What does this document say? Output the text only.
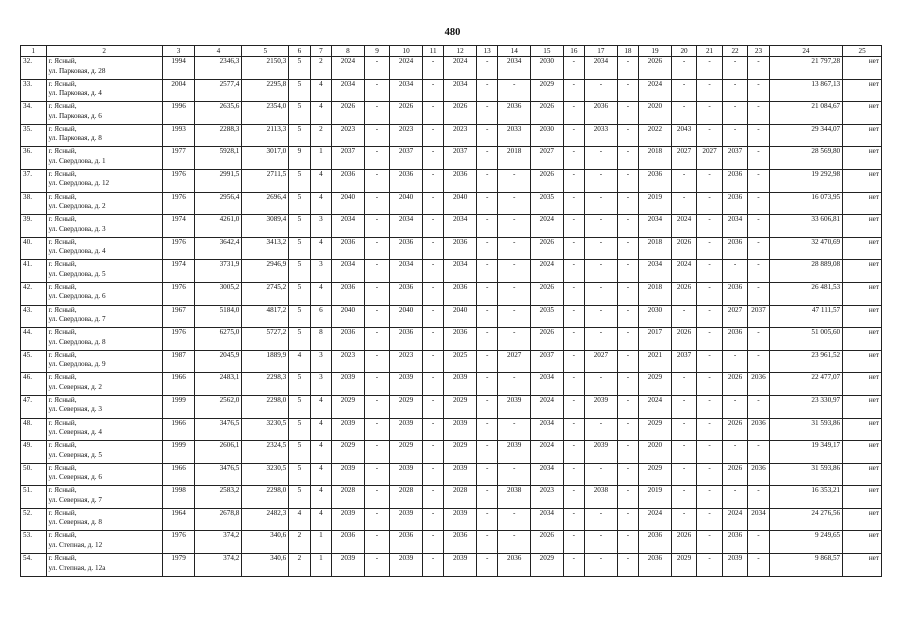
480
1	2	3	4	5	6	7	8	9	10	11	12	13	14	15	16	17	18	19	20	21	22	23	24	25
32.	г. Ясный,
ул. Парковая, д. 28	1994	2346,3	2150,3	5	2	2024	-	2024	-	2024	-	2034	2030	-	2034	-	2026	-	-	-	-	21 797,28	нет
33.	г. Ясный,
ул. Парковая, д. 4	2004	2577,4	2295,8	5	4	2034	-	2034	-	2034	-	-	2029	-	-	-	2024	-	-	-	-	13 867,13	нет
34.	г. Ясный,
ул. Парковая, д. 6	1996	2635,6	2354,0	5	4	2026	-	2026	-	2026	-	2036	2026	-	2036	-	2020	-	-	-	-	21 084,67	нет
35.	г. Ясный,
ул. Парковая, д. 8	1993	2288,3	2113,3	5	2	2023	-	2023	-	2023	-	2033	2030	-	2033	-	2022	2043	-	-	-	29 344,07	нет
36.	г. Ясный,
ул. Свердлова, д. 1	1977	5928,1	3017,0	9	1	2037	-	2037	-	2037	-	2018	2027	-	-	-	2018	2027	2027	2037	-	28 569,80	нет
37.	г. Ясный,
ул. Свердлова, д. 12	1976	2991,5	2711,5	5	4	2036	-	2036	-	2036	-	-	2026	-	-	-	2036	-	-	2036	-	19 292,98	нет
38.	г. Ясный,
ул. Свердлова, д. 2	1976	2956,4	2696,4	5	4	2040	-	2040	-	2040	-	-	2035	-	-	-	2019	-	-	2036	-	16 073,95	нет
39.	г. Ясный,
ул. Свердлова, д. 3	1974	4261,0	3089,4	5	3	2034	-	2034	-	2034	-	-	2024	-	-	-	2034	2024	-	2034	-	33 606,81	нет
40.	г. Ясный,
ул. Свердлова, д. 4	1976	3642,4	3413,2	5	4	2036	-	2036	-	2036	-	-	2026	-	-	-	2018	2026	-	2036	-	32 470,69	нет
41.	г. Ясный,
ул. Свердлова, д. 5	1974	3731,9	2946,9	5	3	2034	-	2034	-	2034	-	-	2024	-	-	-	2034	2024	-	-	-	28 889,08	нет
42.	г. Ясный,
ул. Свердлова, д. 6	1976	3005,2	2745,2	5	4	2036	-	2036	-	2036	-	-	2026	-	-	-	2018	2026	-	2036	-	26 481,53	нет
43.	г. Ясный,
ул. Свердлова, д. 7	1967	5184,0	4817,2	5	6	2040	-	2040	-	2040	-	-	2035	-	-	-	2030	-	-	2027	2037	47 111,57	нет
44.	г. Ясный,
ул. Свердлова, д. 8	1976	6275,0	5727,2	5	8	2036	-	2036	-	2036	-	-	2026	-	-	-	2017	2026	-	2036	-	51 005,60	нет
45.	г. Ясный,
ул. Свердлова, д. 9	1987	2045,9	1889,9	4	3	2023	-	2023	-	2025	-	2027	2037	-	2027	-	2021	2037	-	-	-	23 961,52	нет
46.	г. Ясный,
ул. Северная, д. 2	1966	2483,1	2298,3	5	3	2039	-	2039	-	2039	-	-	2034	-	-	-	2029	-	-	2026	2036	22 477,07	нет
47.	г. Ясный,
ул. Северная, д. 3	1999	2562,0	2298,0	5	4	2029	-	2029	-	2029	-	2039	2024	-	2039	-	2024	-	-	-	-	23 330,97	нет
48.	г. Ясный,
ул. Северная, д. 4	1966	3476,5	3230,5	5	4	2039	-	2039	-	2039	-	-	2034	-	-	-	2029	-	-	2026	2036	31 593,86	нет
49.	г. Ясный,
ул. Северная, д. 5	1999	2606,1	2324,5	5	4	2029	-	2029	-	2029	-	2039	2024	-	2039	-	2020	-	-	-	-	19 349,17	нет
50.	г. Ясный,
ул. Северная, д. 6	1966	3476,5	3230,5	5	4	2039	-	2039	-	2039	-	-	2034	-	-	-	2029	-	-	2026	2036	31 593,86	нет
51.	г. Ясный,
ул. Северная, д. 7	1998	2583,2	2298,0	5	4	2028	-	2028	-	2028	-	2038	2023	-	2038	-	2019	-	-	-	-	16 353,21	нет
52.	г. Ясный,
ул. Северная, д. 8	1964	2678,8	2482,3	4	4	2039	-	2039	-	2039	-	-	2034	-	-	-	2024	-	-	2024	2034	24 276,56	нет
53.	г. Ясный,
ул. Степная, д. 12	1976	374,2	340,6	2	1	2036	-	2036	-	2036	-	-	2026	-	-	-	2036	2026	-	2036	-	9 249,65	нет
54.	г. Ясный,
ул. Степная, д. 12а	1979	374,2	340,6	2	1	2039	-	2039	-	2039	-	2036	2029	-	-	-	2036	2029	-	2039	-	9 868,57	нет
